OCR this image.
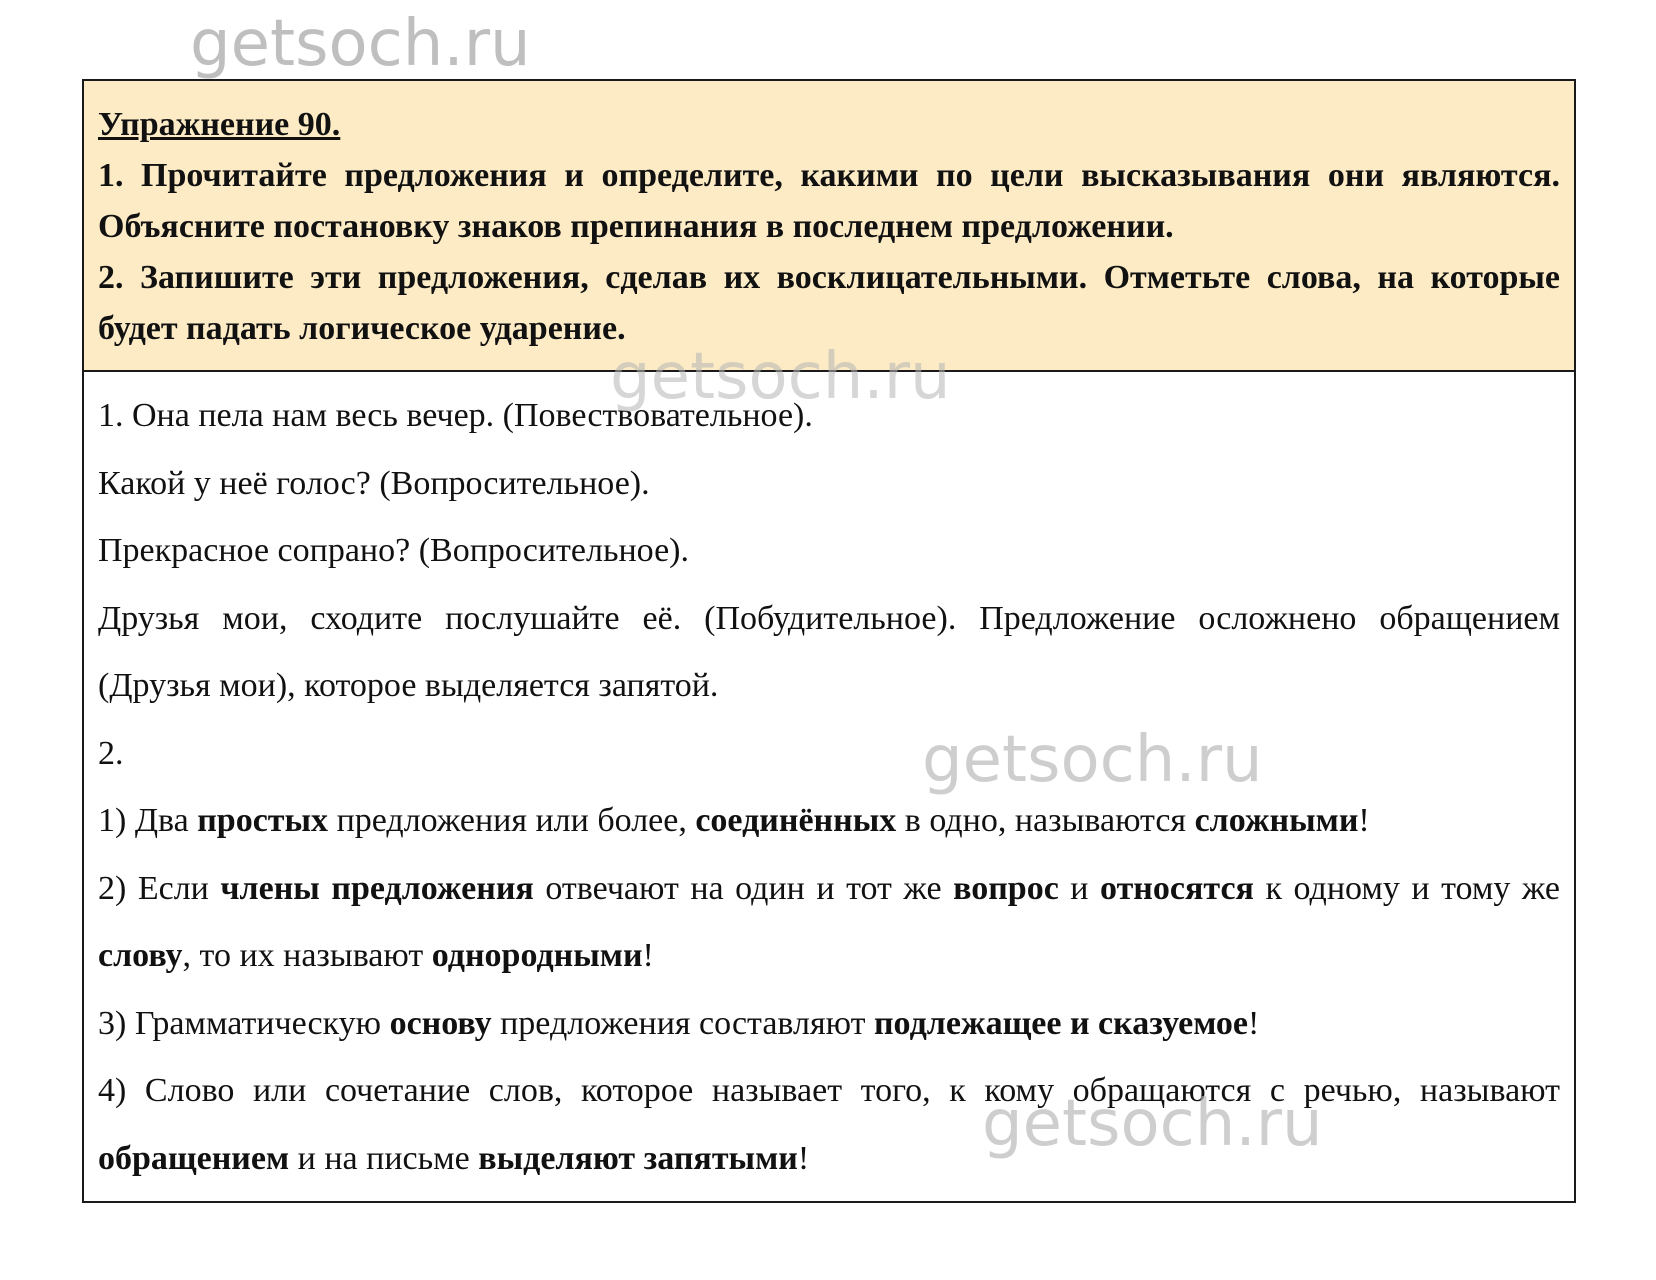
getsoch.ru
Упражнение 90.
1. Прочитайте предложения и определите, какими по цели высказывания они являются. Объясните постановку знаков препинания в последнем предложении.
2. Запишите эти предложения, сделав их восклицательными. Отметьте слова, на которые будет падать логическое ударение.

1. Она пела нам весь вечер. (Повествовательное).

Какой у неё голос? (Вопросительное).

Прекрасное сопрано? (Вопросительное).

Друзья мои, сходите послушайте её. (Побудительное). Предложение осложнено обращением (Друзья мои), которое выделяется запятой.

2.

1) Два простых предложения или более, соединённых в одно, называются сложными!

2) Если члены предложения отвечают на один и тот же вопрос и относятся к одному и тому же слову, то их называют однородными!

3) Грамматическую основу предложения составляют подлежащее и сказуемое!

4) Слово или сочетание слов, которое называет того, к кому обращаются с речью, называют обращением и на письме выделяют запятыми!

getsoch.ru
getsoch.ru
getsoch.ru
